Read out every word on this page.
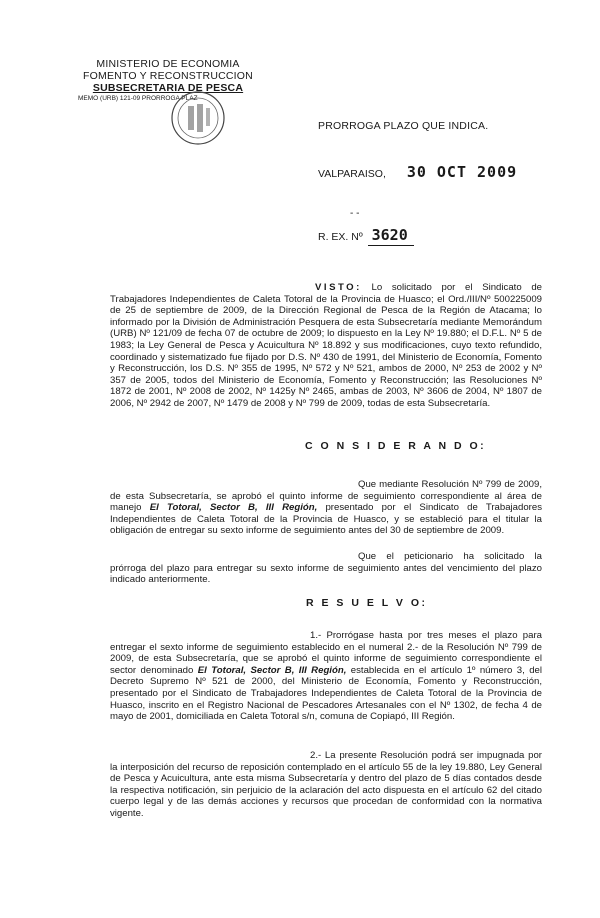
MINISTERIO DE ECONOMIA
FOMENTO Y RECONSTRUCCION
SUBSECRETARIA DE PESCA
MEMO (URB) 121-09 PRORROGA PLAZ
PRORROGA PLAZO QUE INDICA.
VALPARAISO, 30 OCT 2009
- -
R. EX. Nº 3620

VISTO: Lo solicitado por el Sindicato de Trabajadores Independientes de Caleta Totoral de la Provincia de Huasco; el Ord./III/Nº 500225009 de 25 de septiembre de 2009, de la Dirección Regional de Pesca de la Región de Atacama; lo informado por la División de Administración Pesquera de esta Subsecretaría mediante Memorándum (URB) Nº 121/09 de fecha 07 de octubre de 2009; lo dispuesto en la Ley Nº 19.880; el D.F.L. Nº 5 de 1983; la Ley General de Pesca y Acuicultura Nº 18.892 y sus modificaciones, cuyo texto refundido, coordinado y sistematizado fue fijado por D.S. Nº 430 de 1991, del Ministerio de Economía, Fomento y Reconstrucción, los D.S. Nº 355 de 1995, Nº 572 y Nº 521, ambos de 2000, Nº 253 de 2002 y Nº 357 de 2005, todos del Ministerio de Economía, Fomento y Reconstrucción; las Resoluciones Nº 1872 de 2001, Nº 2008 de 2002, Nº 1425y Nº 2465, ambas de 2003, Nº 3606 de 2004, Nº 1807 de 2006, Nº 2942 de 2007, Nº 1479 de 2008 y Nº 799 de 2009, todas de esta Subsecretaría.

C O N S I D E R A N D O:

Que mediante Resolución Nº 799 de 2009, de esta Subsecretaría, se aprobó el quinto informe de seguimiento correspondiente al área de manejo El Totoral, Sector B, III Región, presentado por el Sindicato de Trabajadores Independientes de Caleta Totoral de la Provincia de Huasco, y se estableció para el titular la obligación de entregar su sexto informe de seguimiento antes del 30 de septiembre de 2009.

Que el peticionario ha solicitado la prórroga del plazo para entregar su sexto informe de seguimiento antes del vencimiento del plazo indicado anteriormente.

R E S U E L V O:

1.- Prorrógase hasta por tres meses el plazo para entregar el sexto informe de seguimiento establecido en el numeral 2.- de la Resolución Nº 799 de 2009, de esta Subsecretaría, que se aprobó el quinto informe de seguimiento correspondiente el sector denominado El Totoral, Sector B, III Región, establecida en el artículo 1º número 3, del Decreto Supremo Nº 521 de 2000, del Ministerio de Economía, Fomento y Reconstrucción, presentado por el Sindicato de Trabajadores Independientes de Caleta Totoral de la Provincia de Huasco, inscrito en el Registro Nacional de Pescadores Artesanales con el Nº 1302, de fecha 4 de mayo de 2001, domiciliada en Caleta Totoral s/n, comuna de Copiapó, III Región.

2.- La presente Resolución podrá ser impugnada por la interposición del recurso de reposición contemplado en el artículo 55 de la ley 19.880, Ley General de Pesca y Acuicultura, ante esta misma Subsecretaría y dentro del plazo de 5 días contados desde la respectiva notificación, sin perjuicio de la aclaración del acto dispuesta en el artículo 62 del citado cuerpo legal y de las demás acciones y recursos que procedan de conformidad con la normativa vigente.
